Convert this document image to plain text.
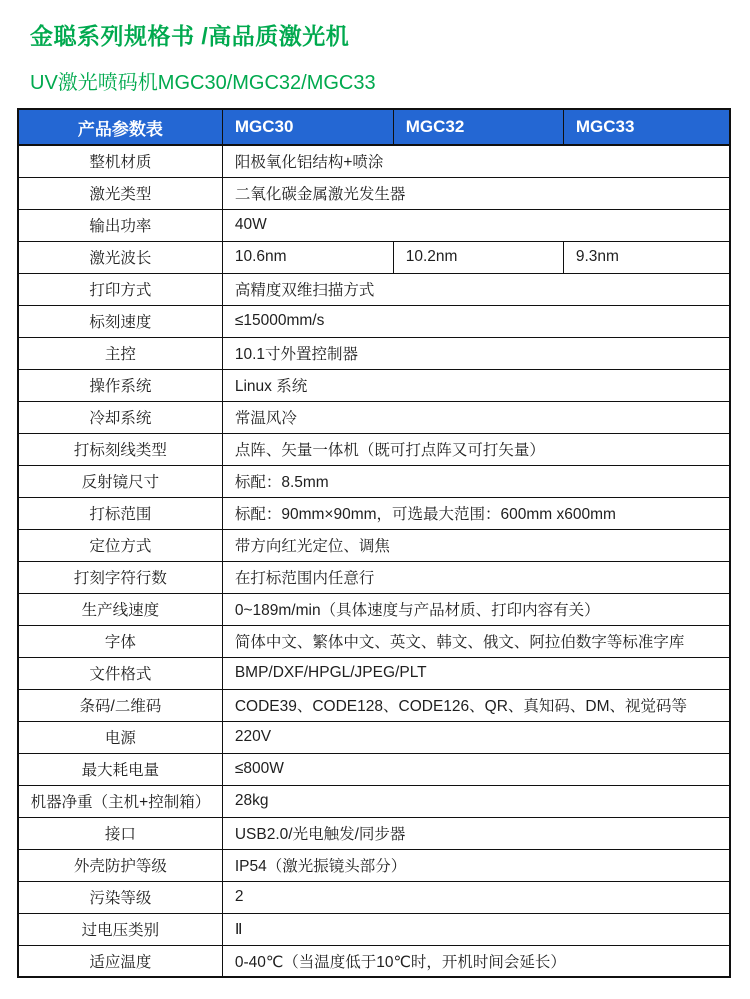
金聪系列规格书 /高品质激光机
UV激光喷码机MGC30/MGC32/MGC33
产品参数表	MGC30	MGC32	MGC33
整机材质	阳极氧化铝结构+喷涂		
激光类型	二氧化碳金属激光发生器		
输出功率	40W		
激光波长	10.6nm	10.2nm	9.3nm
打印方式	高精度双维扫描方式		
标刻速度	≤15000mm/s		
主控	10.1寸外置控制器		
操作系统	Linux 系统		
冷却系统	常温风冷		
打标刻线类型	点阵、矢量一体机（既可打点阵又可打矢量）		
反射镜尺寸	标配：8.5mm		
打标范围	标配：90mm×90mm，可选最大范围：600mm x600mm		
定位方式	带方向红光定位、调焦		
打刻字符行数	在打标范围内任意行		
生产线速度	0~189m/min（具体速度与产品材质、打印内容有关）		
字体	简体中文、繁体中文、英文、韩文、俄文、阿拉伯数字等标准字库		
文件格式	BMP/DXF/HPGL/JPEG/PLT		
条码/二维码	CODE39、CODE128、CODE126、QR、真知码、DM、视觉码等		
电源	220V		
最大耗电量	≤800W		
机器净重（主机+控制箱）	28kg		
接口	USB2.0/光电触发/同步器		
外壳防护等级	IP54（激光振镜头部分）		
污染等级	2		
过电压类别	Ⅱ		
适应温度	0-40℃（当温度低于10℃时，开机时间会延长）		
